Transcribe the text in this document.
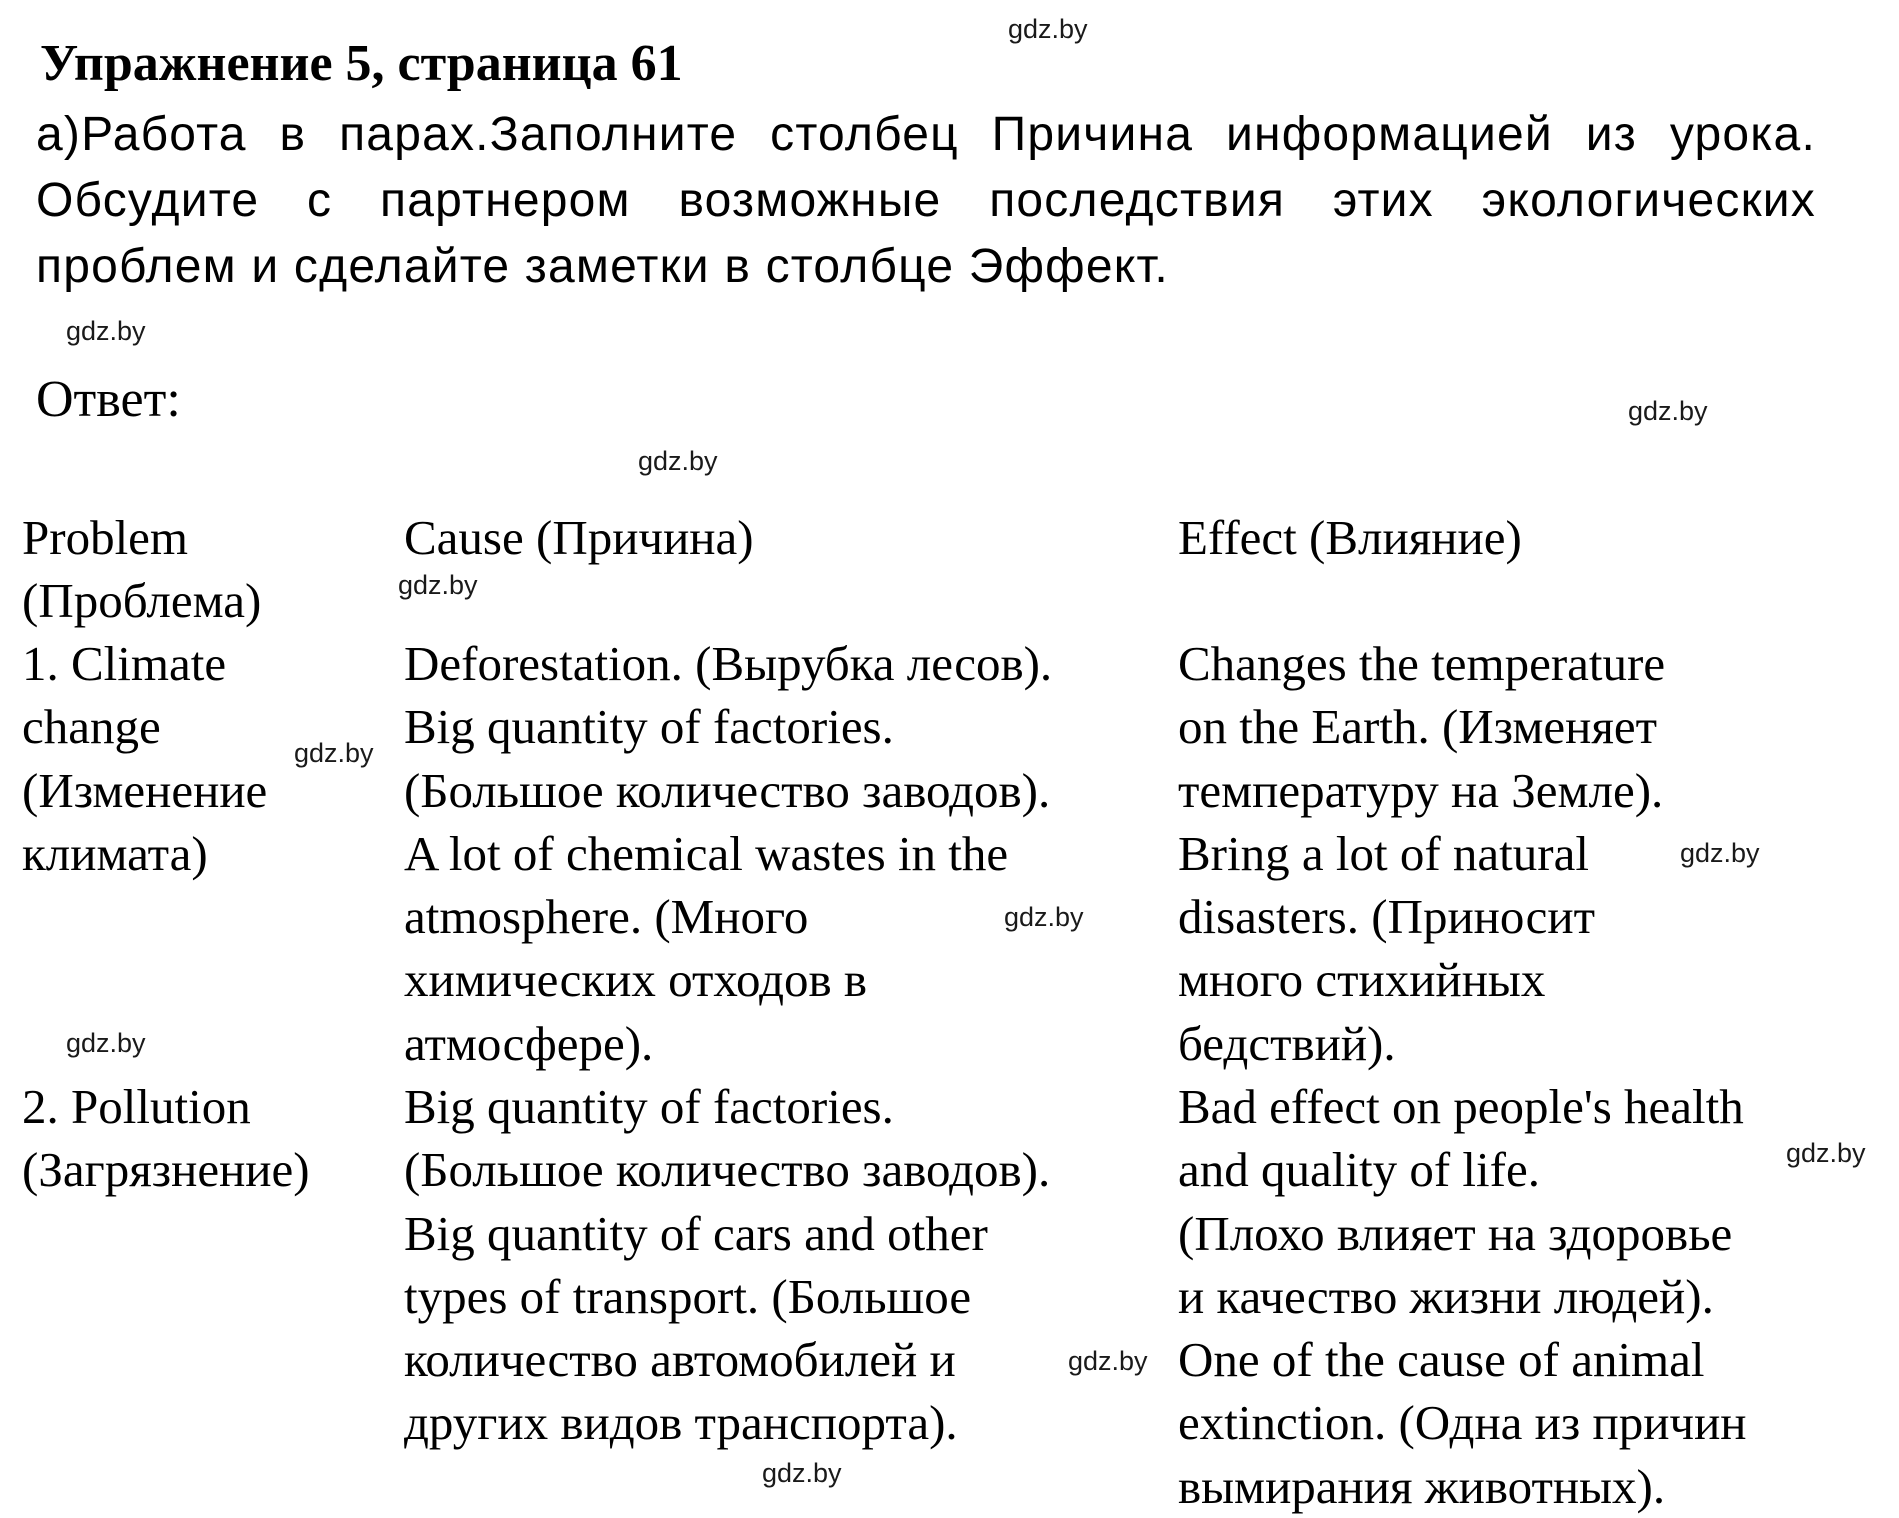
Упражнение 5, страница 61
а)Работа в парах.Заполните столбец Причина информацией из урока. Обсудите с партнером возможные последствия этих экологических проблем и сделайте заметки в столбце Эффект.
Ответ:
Problem
(Проблема)
Cause (Причина)	Effect (Влияние)
1. Climate
change
(Изменение
климата)
Deforestation. (Вырубка лесов).
Big quantity of factories.
(Большое количество заводов).
A lot of chemical wastes in the
atmosphere. (Много
химических отходов в
атмосфере).
Changes the temperature
on the Earth. (Изменяет
температуру на Земле).
Bring a lot of natural
disasters. (Приносит
много стихийных
бедствий).
2. Pollution
(Загрязнение)
Big quantity of factories.
(Большое количество заводов).
Big quantity of cars and other
types of transport. (Большое
количество автомобилей и
других видов транспорта).
Bad effect on people's health
and quality of life.
(Плохо влияет на здоровье
и качество жизни людей).
One of the cause of animal
extinction. (Одна из причин
вымирания животных).
gdz.by
gdz.by
gdz.by
gdz.by
gdz.by
gdz.by
gdz.by
gdz.by
gdz.by
gdz.by
gdz.by
gdz.by
